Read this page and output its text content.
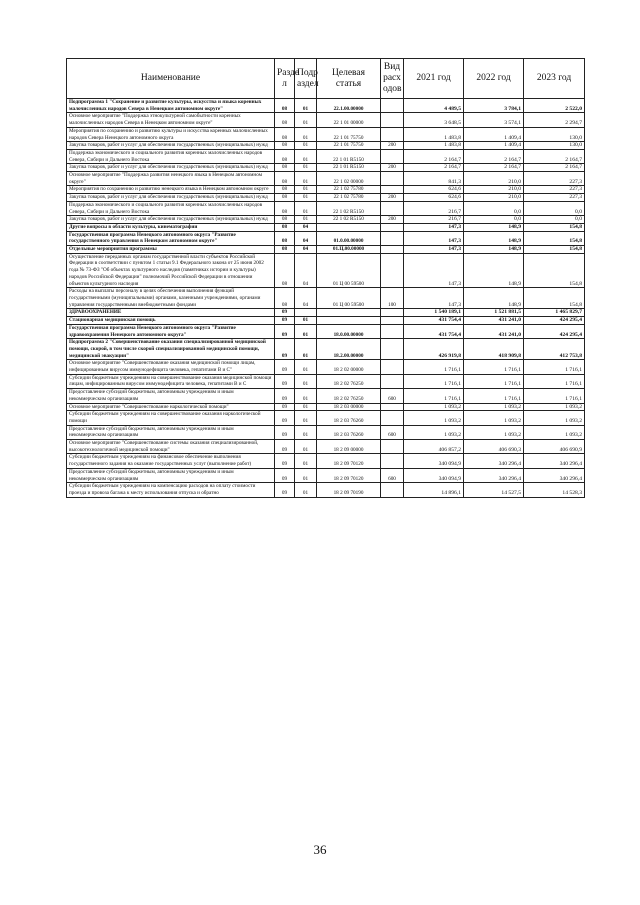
Наименование	Разде л	Подр аздел	Целевая статья	Вид расх одов	2021 год	2022 год	2023 год
Подпрограмма 1 "Сохранение и развитие культуры, искусства и языка коренных малочисленных народов Севера в Ненецком автономном округе"	08	01	22.1.00.00000		4 489,5	3 784,1	2 522,0
Основное мероприятие "Поддержка этнокультурной самобытности коренных малочисленных народов Севера в Ненецком автономном округе"	08	01	22 1 01 00000		3 648,5	3 574,1	2 294,7
Мероприятия по сохранению и развитию культуры и искусства коренных малочисленных народов Севера Ненецкого автономного округа	08	01	22 1 01 75750		1 483,8	1 409,4	130,0
Закупка товаров, работ и услуг для обеспечения государственных (муниципальных) нужд	08	01	22 1 01 75750	200	1 483,8	1 409,4	130,0
Поддержка экономического и социального развития коренных малочисленных народов Севера, Сибири и Дальнего Востока	08	01	22 1 01 R5150		2 164,7	2 164,7	2 164,7
Закупка товаров, работ и услуг для обеспечения государственных (муниципальных) нужд	08	01	22 1 01 R5150	200	2 164,7	2 164,7	2 164,7
Основное мероприятие "Поддержка развития ненецкого языка в Ненецком автономном округе"	08	01	22 1 02 00000		841,3	210,0	227,3
Мероприятия по сохранению и развитию ненецкого языка в Ненецком автономном округе	08	01	22 1 02 75780		624,6	210,0	227,3
Закупка товаров, работ и услуг для обеспечения государственных (муниципальных) нужд	08	01	22 1 02 75780	200	624,6	210,0	227,3
Поддержка экономического и социального развития коренных малочисленных народов Севера, Сибири и Дальнего Востока	08	01	22 1 02 R5150		216,7	0,0	0,0
Закупка товаров, работ и услуг для обеспечения государственных (муниципальных) нужд	08	01	22 1 02 R5150	200	216,7	0,0	0,0
Другие вопросы в области культуры, кинематографии	08	04			147,3	148,9	154,8
Государственная программа Ненецкого автономного округа "Развитие государственного управления в Ненецком автономном округе"	08	04	01.0.00.00000		147,3	148,9	154,8
Отдельные мероприятия программы	08	04	01.Ц.00.00000		147,3	148,9	154,8
Осуществление переданных органам государственной власти субъектов Российской Федерации в соответствии с пунктом 1 статьи 9.1 Федерального закона от 25 июня 2002 года № 73-ФЗ "Об объектах культурного наследия (памятниках истории и культуры) народов Российской Федерации" полномочий Российской Федерации в отношении объектов культурного наследия	08	04	01 Ц 00 59500		147,3	148,9	154,8
Расходы на выплаты персоналу в целях обеспечения выполнения функций государственными (муниципальными) органами, казенными учреждениями, органами управления государственными внебюджетными фондами	08	04	01 Ц 00 59500	100	147,3	148,9	154,8
ЗДРАВООХРАНЕНИЕ	09				1 540 189,1	1 521 881,5	1 465 829,7
Стационарная медицинская помощь	09	01			431 754,4	431 241,0	424 295,4
Государственная программа Ненецкого автономного округа "Развитие здравоохранения Ненецкого автономного округа"	09	01	18.0.00.00000		431 754,4	431 241,0	424 295,4
Подпрограмма 2 "Совершенствование оказания специализированной медицинской помощи, скорой, в том числе скорой специализированной медицинской помощи, медицинской эвакуации"	09	01	18.2.00.00000		426 919,8	418 909,8	412 753,8
Основное мероприятие "Совершенствование оказания медицинской помощи лицам, инфицированным вирусом иммунодефицита человека, гепатитами В и С"	09	01	18 2 02 00000		1 716,1	1 716,1	1 716,1
Субсидии бюджетным учреждениям на совершенствование оказания медицинской помощи лицам, инфицированным вирусом иммунодефицита человека, гепатитами В и С	09	01	18 2 02 76250		1 716,1	1 716,1	1 716,1
Предоставление субсидий бюджетным, автономным учреждениям и иным некоммерческим организациям	09	01	18 2 02 76250	600	1 716,1	1 716,1	1 716,1
Основное мероприятие "Совершенствование наркологической помощи"	09	01	18 2 03 00000		1 093,2	1 093,2	1 093,2
Субсидии бюджетным учреждениям на совершенствование оказания наркологической помощи	09	01	18 2 03 76260		1 093,2	1 093,2	1 093,2
Предоставление субсидий бюджетным, автономным учреждениям и иным некоммерческим организациям	09	01	18 2 03 76260	600	1 093,2	1 093,2	1 093,2
Основное мероприятие "Совершенствование системы оказания специализированной, высокотехнологичной медицинской помощи"	09	01	18 2 09 00000		406 857,2	406 690,3	406 690,9
Субсидии бюджетным учреждениям на финансовое обеспечение выполнения государственного задания на оказание государственных услуг (выполнение работ)	09	01	18 2 09 70120		340 094,9	340 296,4	340 296,4
Предоставление субсидий бюджетным, автономным учреждениям и иным некоммерческим организациям	09	01	18 2 09 70120	600	340 094,9	340 296,4	340 296,4
Субсидии бюджетным учреждениям на компенсацию расходов на оплату стоимости проезда и провоза багажа к месту использования отпуска и обратно	09	01	18 2 09 70190		14 896,1	14 527,5	14 528,3
36
